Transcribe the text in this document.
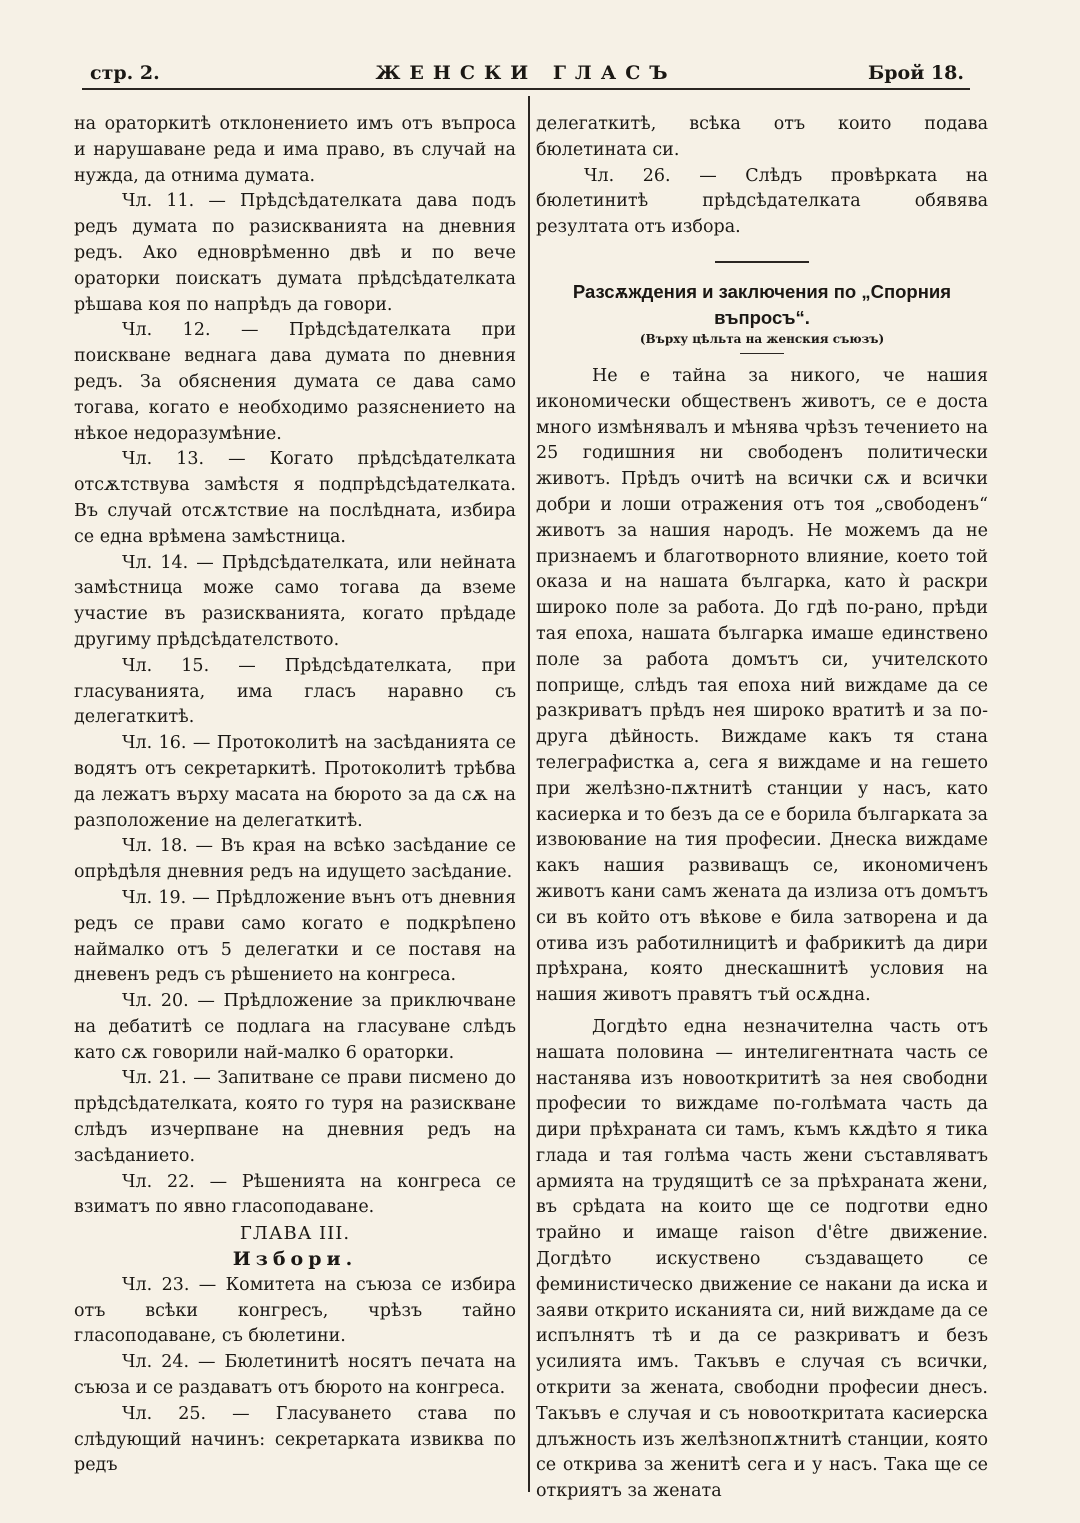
стр. 2.	ЖЕНСКИ ГЛАСЪ	Брой 18.

на ораторкитѣ отклонението имъ отъ въпроса и нарушаване реда и има право, въ случай на нужда, да отнима думата.

Чл. 11. — Прѣдсѣдателката дава подъ редъ думата по разискванията на дневния редъ. Ако едноврѣменно двѣ и по вече ораторки поискатъ думата прѣдсѣдателката рѣшава коя по напрѣдъ да говори.

Чл. 12. — Прѣдсѣдателката при поискване веднага дава думата по дневния редъ. За обяснения думата се дава само тогава, когато е необходимо разяснението на нѣкое недоразумѣние.

Чл. 13. — Когато прѣдсѣдателката отсѫтствува замѣстя я подпрѣдсѣдателката. Въ случай отсѫтствие на послѣдната, избира се една врѣмена замѣстница.

Чл. 14. — Прѣдсѣдателката, или нейната замѣстница може само тогава да вземе участие въ разискванията, когато прѣдаде другиму прѣдсѣдателството.

Чл. 15. — Прѣдсѣдателката, при гласуванията, има гласъ наравно съ делегаткитѣ.

Чл. 16. — Протоколитѣ на засѣданията се водятъ отъ секретаркитѣ. Протоколитѣ трѣбва да лежатъ върху масата на бюрото за да сѫ на разположение на делегаткитѣ.

Чл. 18. — Въ края на всѣко засѣдание се опрѣдѣля дневния редъ на идущето засѣдание.

Чл. 19. — Прѣдложение вънъ отъ дневния редъ се прави само когато е подкрѣпено наймалко отъ 5 делегатки и се поставя на дневенъ редъ съ рѣшението на конгреса.

Чл. 20. — Прѣдложение за приключване на дебатитѣ се подлага на гласуване слѣдъ като сѫ говорили най-малко 6 ораторки.

Чл. 21. — Запитване се прави писмено до прѣдсѣдателката, която го туря на разискване слѣдъ изчерпване на дневния редъ на засѣданието.

Чл. 22. — Рѣшенията на конгреса се взиматъ по явно гласоподаване.

ГЛАВА III.

Избори.

Чл. 23. — Комитета на съюза се избира отъ всѣки конгресъ, чрѣзъ тайно гласоподаване, съ бюлетини.

Чл. 24. — Бюлетинитѣ носятъ печата на съюза и се раздаватъ отъ бюрото на конгреса.

Чл. 25. — Гласуването става по слѣдующий начинъ: секретарката извиква по редъ

делегаткитѣ, всѣка отъ които подава бюлетината си.

Чл. 26. — Слѣдъ провѣрката на бюлетинитѣ прѣдсѣдателката обявява резултата отъ избора.

Разсѫждения и заключения по „Спорния въпросъ“.

(Върху цѣльта на женския съюзъ)

Не е тайна за никого, че нашия икономически общественъ животъ, се е доста много измѣнявалъ и мѣнява чрѣзъ течението на 25 годишния ни свободенъ политически животъ. Прѣдъ очитѣ на всички сѫ и всички добри и лоши отражения отъ тоя „свободенъ“ животъ за нашия народъ. Не можемъ да не признаемъ и благотворното влияние, което той оказа и на нашата българка, като ѝ раскри широко поле за работа. До гдѣ по-рано, прѣди тая епоха, нашата българка имаше единствено поле за работа домътъ си, учителското поприще, слѣдъ тая епоха ний виждаме да се разкриватъ прѣдъ нея широко вратитѣ и за по-друга дѣйность. Виждаме какъ тя стана телеграфистка а, сега я виждаме и на гешето при желѣзно-пѫтнитѣ станции у насъ, като касиерка и то безъ да се е борила българката за извоювание на тия професии. Днеска виждаме какъ нашия развиващъ се, икономиченъ животъ кани самъ жената да излиза отъ домътъ си въ който отъ вѣкове е била затворена и да отива изъ работилницитѣ и фабрикитѣ да дири прѣхрана, която днескашнитѣ условия на нашия животъ правятъ тъй осѫдна.

Догдѣто една незначителна часть отъ нашата половина — интелигентната часть се настанява изъ новооткрититѣ за нея свободни професии то виждаме по-голѣмата часть да дири прѣхраната си тамъ, къмъ кѫдѣто я тика глада и тая голѣма часть жени съставляватъ армията на трудящитѣ се за прѣхраната жени, въ срѣдата на които ще се подготви едно трайно и имащe raison d'être движение. Догдѣто искуствено създаващето се феминистическо движение се накани да иска и заяви открито исканията си, ний виждаме да се испълнятъ тѣ и да се разкриватъ и безъ усилията имъ. Такъвъ е случая съ всички, открити за жената, свободни професии днесъ. Такъвъ е случая и съ новооткритата касиерска длъжность изъ желѣзнопѫтнитѣ станции, която се открива за женитѣ сега и у насъ. Така ще се откриятъ за жената
